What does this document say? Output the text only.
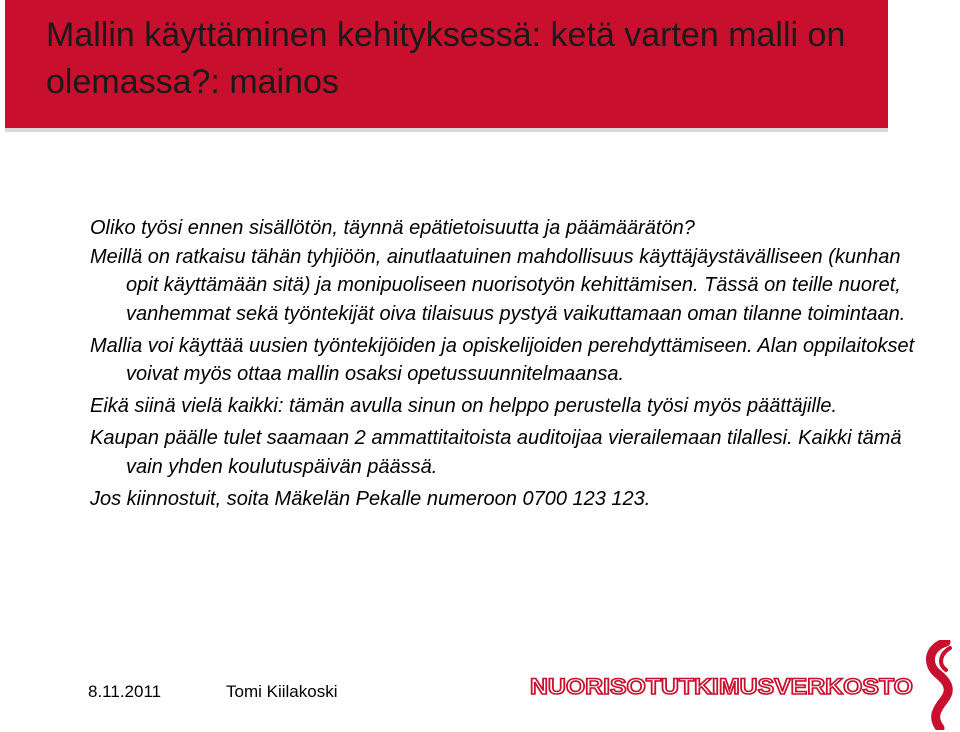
Mallin käyttäminen kehityksessä: ketä varten malli on olemassa?: mainos

Oliko työsi ennen sisällötön, täynnä epätietoisuutta ja päämäärätön?

Meillä on ratkaisu tähän tyhjiöön, ainutlaatuinen mahdollisuus käyttäjäystävälliseen (kunhan opit käyttämään sitä) ja monipuoliseen nuorisotyön kehittämisen. Tässä on teille nuoret, vanhemmat sekä työntekijät oiva tilaisuus pystyä vaikuttamaan oman tilanne toimintaan.

Mallia voi käyttää uusien työntekijöiden ja opiskelijoiden perehdyttämiseen. Alan oppilaitokset voivat myös ottaa mallin osaksi opetussuunnitelmaansa.

Eikä siinä vielä kaikki: tämän avulla sinun on helppo perustella työsi myös päättäjille.

Kaupan päälle tulet saamaan 2 ammattitaitoista auditoijaa vierailemaan tilallesi. Kaikki tämä vain yhden koulutuspäivän päässä.

Jos kiinnostuit, soita Mäkelän Pekalle numeroon 0700 123 123.

8.11.2011	Tomi Kiilakoski	NUORISOTUTKIMUSVERKOSTO
